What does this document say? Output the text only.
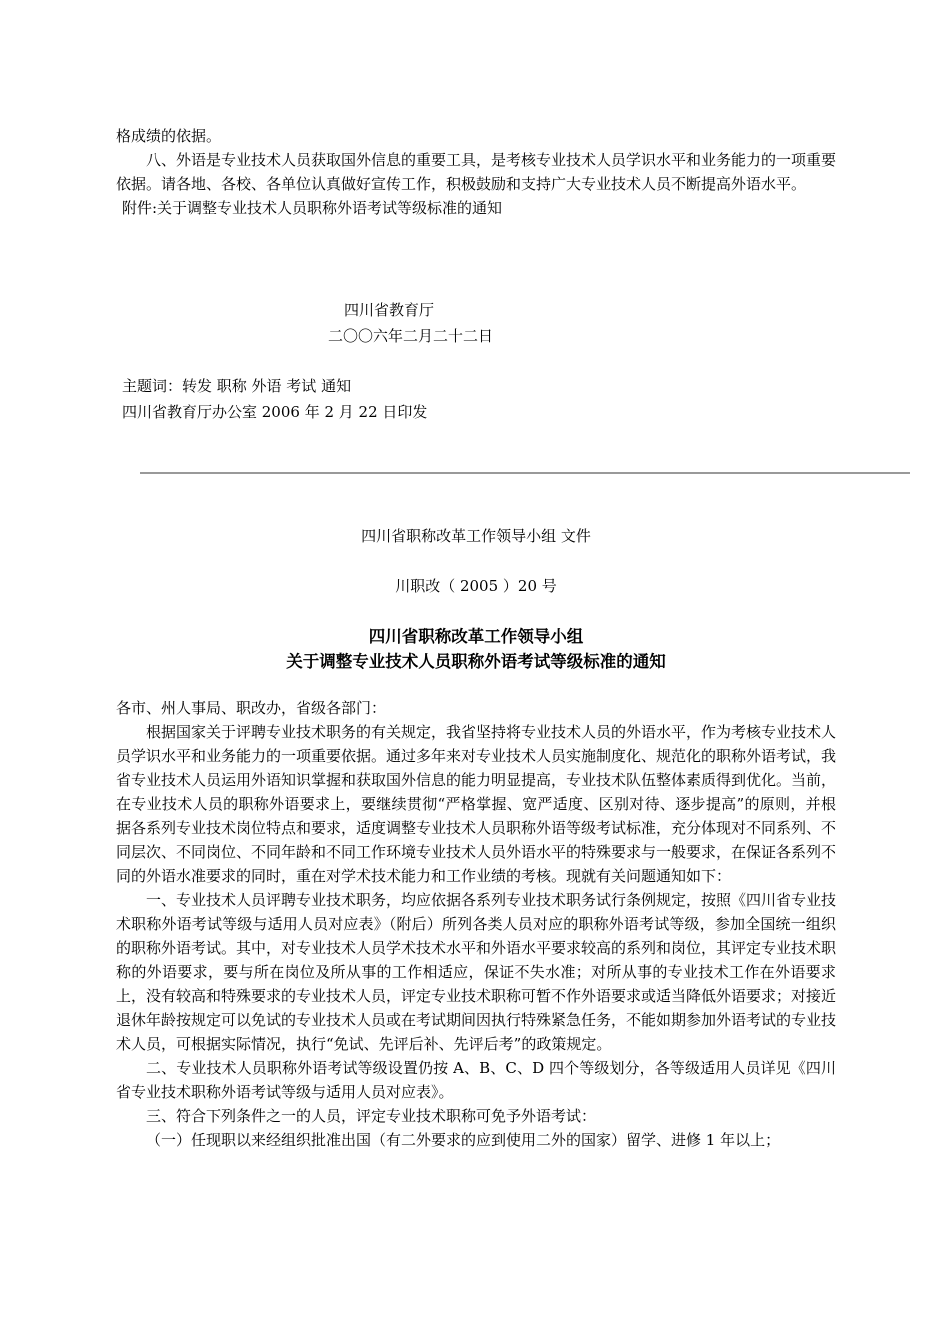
格成绩的依据。

八、外语是专业技术人员获取国外信息的重要工具，是考核专业技术人员学识水平和业务能力的一项重要依据。请各地、各校、各单位认真做好宣传工作，积极鼓励和支持广大专业技术人员不断提高外语水平。

附件:关于调整专业技术人员职称外语考试等级标准的通知

四川省教育厅
二〇〇六年二月二十二日
主题词：转发 职称 外语 考试 通知
四川省教育厅办公室 2006 年 2 月 22 日印发
四川省职称改革工作领导小组 文件
川职改（ 2005 ）20 号
四川省职称改革工作领导小组
关于调整专业技术人员职称外语考试等级标准的通知

各市、州人事局、职改办，省级各部门：

根据国家关于评聘专业技术职务的有关规定，我省坚持将专业技术人员的外语水平，作为考核专业技术人员学识水平和业务能力的一项重要依据。通过多年来对专业技术人员实施制度化、规范化的职称外语考试，我省专业技术人员运用外语知识掌握和获取国外信息的能力明显提高，专业技术队伍整体素质得到优化。当前，在专业技术人员的职称外语要求上，要继续贯彻“严格掌握、宽严适度、区别对待、逐步提高”的原则，并根据各系列专业技术岗位特点和要求，适度调整专业技术人员职称外语等级考试标准，充分体现对不同系列、不同层次、不同岗位、不同年龄和不同工作环境专业技术人员外语水平的特殊要求与一般要求，在保证各系列不同的外语水准要求的同时，重在对学术技术能力和工作业绩的考核。现就有关问题通知如下：

一、专业技术人员评聘专业技术职务，均应依据各系列专业技术职务试行条例规定，按照《四川省专业技术职称外语考试等级与适用人员对应表》（附后）所列各类人员对应的职称外语考试等级，参加全国统一组织的职称外语考试。其中，对专业技术人员学术技术水平和外语水平要求较高的系列和岗位，其评定专业技术职称的外语要求，要与所在岗位及所从事的工作相适应，保证不失水准；对所从事的专业技术工作在外语要求上，没有较高和特殊要求的专业技术人员，评定专业技术职称可暂不作外语要求或适当降低外语要求；对接近退休年龄按规定可以免试的专业技术人员或在考试期间因执行特殊紧急任务，不能如期参加外语考试的专业技术人员，可根据实际情况，执行“免试、先评后补、先评后考”的政策规定。

二、专业技术人员职称外语考试等级设置仍按 A、B、C、D 四个等级划分，各等级适用人员详见《四川省专业技术职称外语考试等级与适用人员对应表》。

三、符合下列条件之一的人员，评定专业技术职称可免予外语考试：

（一）任现职以来经组织批准出国（有二外要求的应到使用二外的国家）留学、进修 1 年以上；
